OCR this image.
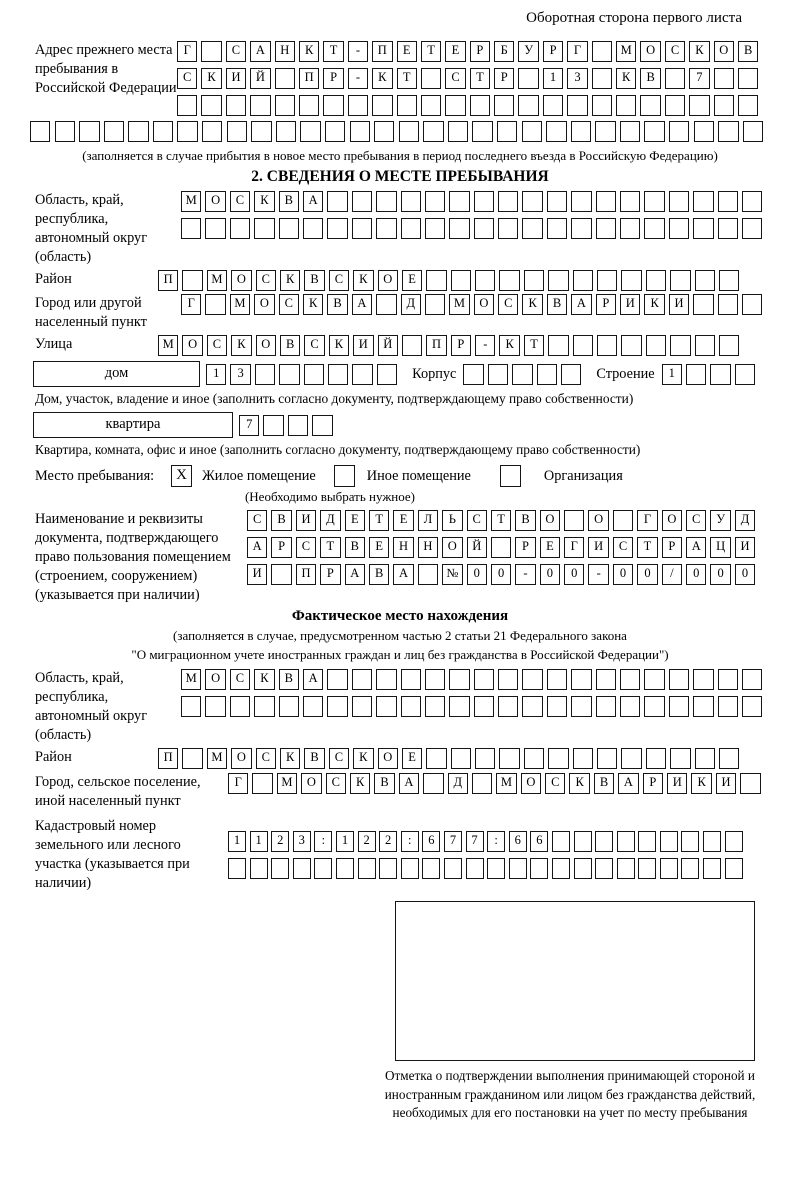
Оборотная сторона первого листа
Адрес прежнего места пребывания в Российской Федерации
Г	С	А	Н	К	Т	-	П	Е	Т	Е	Р	Б	У	Р	Г	М	О	С	К	О	В
С	К	И	Й	П	Р	-	К	Т	С	Т	Р	1	3	К	В	7
(заполняется в случае прибытия в новое место пребывания в период последнего въезда в Российскую Федерацию)
2. СВЕДЕНИЯ О МЕСТЕ ПРЕБЫВАНИЯ
Область, край, республика, автономный округ (область)
М	О	С	К	В	А
Район	П	М	О	С	К	В	С	К	О	Е
Город или другой населенный пункт
Г	М	О	С	К	В	А	Д	М	О	С	К	В	А	Р	И	К	И
Улица	М	О	С	К	О	В	С	К	И	Й	П	Р	-	К	Т
дом	1	3	Корпус	Строение	1
Дом, участок, владение и иное (заполнить согласно документу, подтверждающему право собственности)
квартира	7
Квартира, комната, офис и иное (заполнить согласно документу, подтверждающему право собственности)
Место пребывания:	Х	Жилое помещение	Иное помещение	Организация
(Необходимо выбрать нужное)
Наименование и реквизиты документа, подтверждающего право пользования помещением (строением, сооружением) (указывается при наличии)
С	В	И	Д	Е	Т	Е	Л	Ь	С	Т	В	О	О	Г	О	С	У	Д
А	Р	С	Т	В	Е	Н	Н	О	Й	Р	Е	Г	И	С	Т	Р	А	Ц	И
И	П	Р	А	В	А	№	0	0	-	0	0	-	0	0	/	0	0	0
Фактическое место нахождения
(заполняется в случае, предусмотренном частью 2 статьи 21 Федерального закона
"О миграционном учете иностранных граждан и лиц без гражданства в Российской Федерации")
Область, край, республика, автономный округ (область)
М	О	С	К	В	А
Район	П	М	О	С	К	В	С	К	О	Е
Город, сельское поселение, иной населенный пункт
Г	М	О	С	К	В	А	Д	М	О	С	К	В	А	Р	И	К	И
Кадастровый номер земельного или лесного участка (указывается при наличии)
1	1	2	3	:	1	2	2	:	6	7	7	:	6	6
Отметка о подтверждении выполнения принимающей стороной и иностранным гражданином или лицом без гражданства действий, необходимых для его постановки на учет по месту пребывания
